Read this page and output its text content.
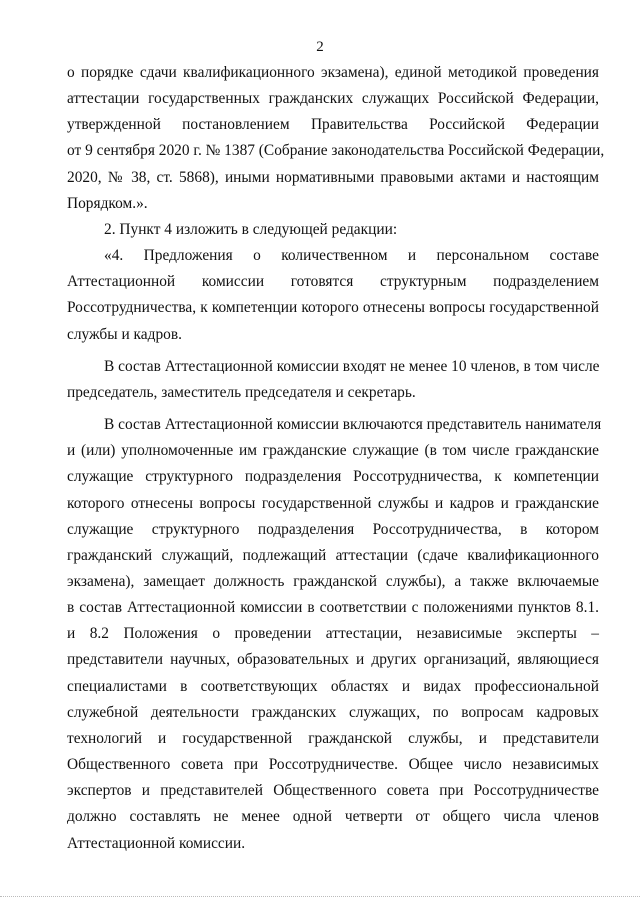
2

о порядке сдачи квалификационного экзамена), единой методикой проведения

аттестации государственных гражданских служащих Российской Федерации,

утвержденной постановлением Правительства Российской Федерации

от 9 сентября 2020 г. № 1387 (Собрание законодательства Российской Федерации,

2020, № 38, ст. 5868), иными нормативными правовыми актами и настоящим

Порядком.».

2. Пункт 4 изложить в следующей редакции:

«4. Предложения о количественном и персональном составе

Аттестационной комиссии готовятся структурным подразделением

Россотрудничества, к компетенции которого отнесены вопросы государственной

службы и кадров.

В состав Аттестационной комиссии входят не менее 10 членов, в том числе

председатель, заместитель председателя и секретарь.

В состав Аттестационной комиссии включаются представитель нанимателя

и (или) уполномоченные им гражданские служащие (в том числе гражданские

служащие структурного подразделения Россотрудничества, к компетенции

которого отнесены вопросы государственной службы и кадров и гражданские

служащие структурного подразделения Россотрудничества, в котором

гражданский служащий, подлежащий аттестации (сдаче квалификационного

экзамена), замещает должность гражданской службы), а также включаемые

в состав Аттестационной комиссии в соответствии с положениями пунктов 8.1.

и 8.2 Положения о проведении аттестации, независимые эксперты –

представители научных, образовательных и других организаций, являющиеся

специалистами в соответствующих областях и видах профессиональной

служебной деятельности гражданских служащих, по вопросам кадровых

технологий и государственной гражданской службы, и представители

Общественного совета при Россотрудничестве. Общее число независимых

экспертов и представителей Общественного совета при Россотрудничестве

должно составлять не менее одной четверти от общего числа членов

Аттестационной комиссии.
